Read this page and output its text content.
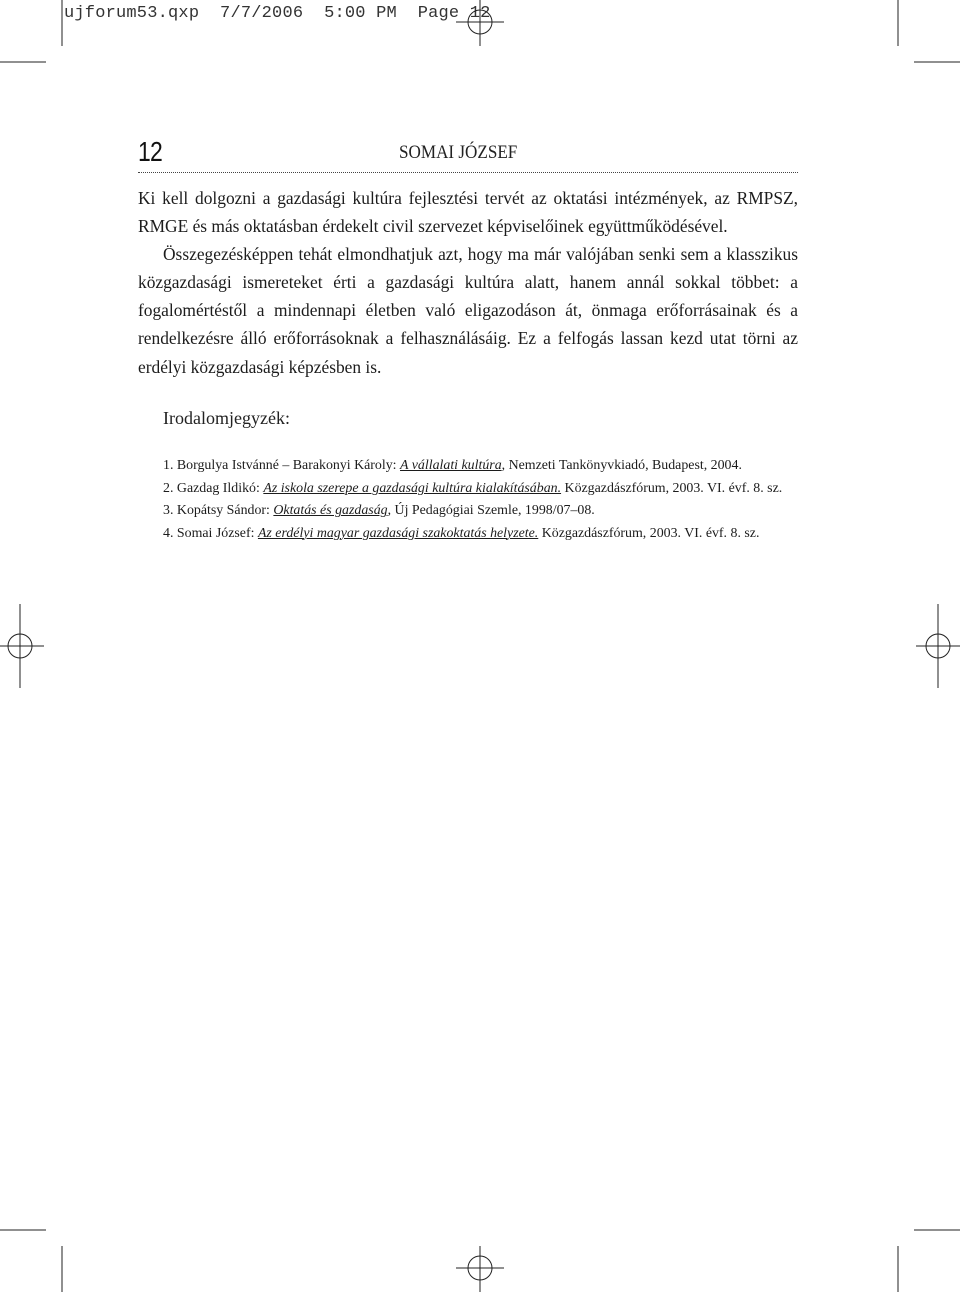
ujforum53.qxp 7/7/2006 5:00 PM Page 12
12	SOMAI JÓZSEF

Ki kell dolgozni a gazdasági kultúra fejlesztési tervét az oktatási intézmények, az RMPSZ, RMGE és más oktatásban érdekelt civil szervezet képviselőinek együttműködésével.

Összegezésképpen tehát elmondhatjuk azt, hogy ma már valójában senki sem a klasszikus közgazdasági ismereteket érti a gazdasági kultúra alatt, hanem annál sokkal többet: a fogalomértéstől a mindennapi életben való eligazodáson át, önmaga erőforrásainak és a rendelkezésre álló erőforrásoknak a felhasználásáig. Ez a felfogás lassan kezd utat törni az erdélyi közgazdasági képzésben is.

Irodalomjegyzék:
1. Borgulya Istvánné – Barakonyi Károly: A vállalati kultúra, Nemzeti Tankönyvkiadó, Budapest, 2004.
2. Gazdag Ildikó: Az iskola szerepe a gazdasági kultúra kialakításában. Közgazdászfórum, 2003. VI. évf. 8. sz.
3. Kopátsy Sándor: Oktatás és gazdaság, Új Pedagógiai Szemle, 1998/07–08.
4. Somai József: Az erdélyi magyar gazdasági szakoktatás helyzete. Közgazdászfórum, 2003. VI. évf. 8. sz.
